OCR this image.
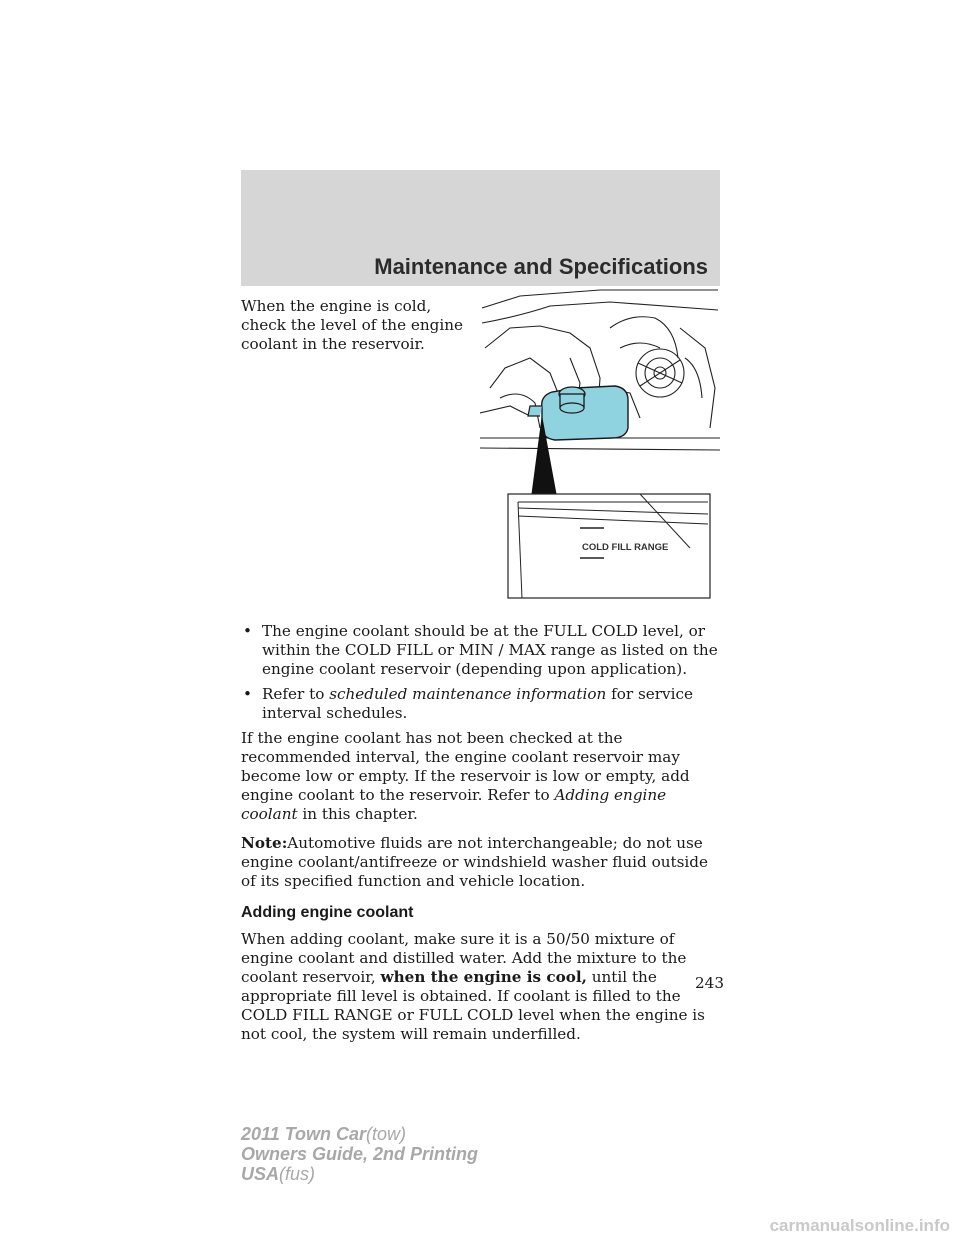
Maintenance and Specifications
When the engine is cold, check the level of the engine coolant in the reservoir.
COLD FILL RANGE
• The engine coolant should be at the FULL COLD level, or within the COLD FILL or MIN / MAX range as listed on the engine coolant reservoir (depending upon application).
• Refer to scheduled maintenance information for service interval schedules.

If the engine coolant has not been checked at the recommended interval, the engine coolant reservoir may become low or empty. If the reservoir is low or empty, add engine coolant to the reservoir. Refer to Adding engine coolant in this chapter.

Note:Automotive fluids are not interchangeable; do not use engine coolant/antifreeze or windshield washer fluid outside of its specified function and vehicle location.

Adding engine coolant

When adding coolant, make sure it is a 50/50 mixture of engine coolant and distilled water. Add the mixture to the coolant reservoir, when the engine is cool, until the appropriate fill level is obtained. If coolant is filled to the COLD FILL RANGE or FULL COLD level when the engine is not cool, the system will remain underfilled.

243
2011 Town Car(tow)
Owners Guide, 2nd Printing
USA(fus)
carmanualsonline.info
